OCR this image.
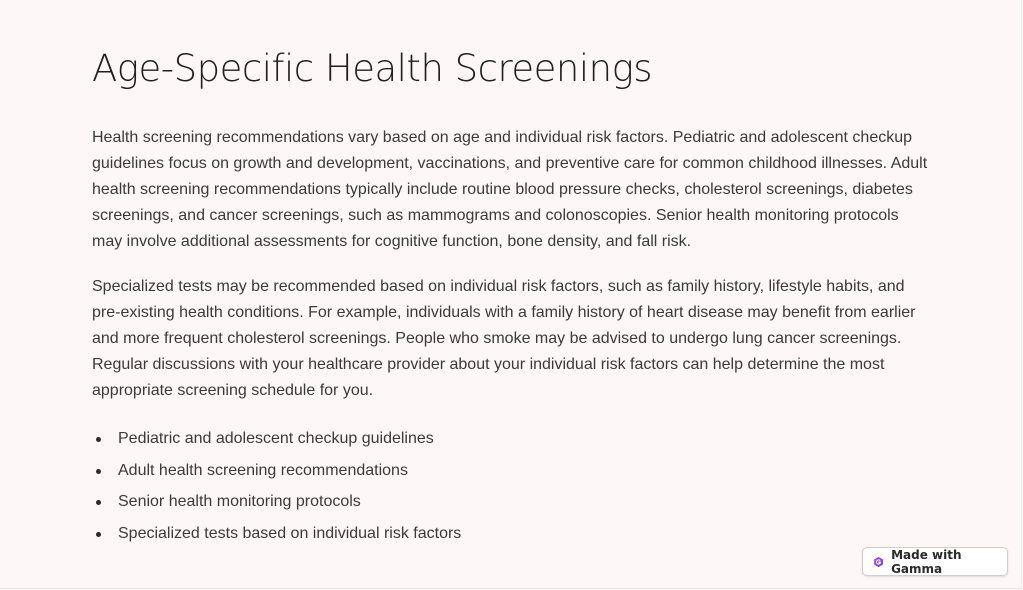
Age-Specific Health Screenings

Health screening recommendations vary based on age and individual risk factors. Pediatric and adolescent checkup guidelines focus on growth and development, vaccinations, and preventive care for common childhood illnesses. Adult health screening recommendations typically include routine blood pressure checks, cholesterol screenings, diabetes screenings, and cancer screenings, such as mammograms and colonoscopies. Senior health monitoring protocols may involve additional assessments for cognitive function, bone density, and fall risk.

Specialized tests may be recommended based on individual risk factors, such as family history, lifestyle habits, and pre-existing health conditions. For example, individuals with a family history of heart disease may benefit from earlier and more frequent cholesterol screenings. People who smoke may be advised to undergo lung cancer screenings. Regular discussions with your healthcare provider about your individual risk factors can help determine the most appropriate screening schedule for you.

Pediatric and adolescent checkup guidelines
Adult health screening recommendations
Senior health monitoring protocols
Specialized tests based on individual risk factors
Made with Gamma
